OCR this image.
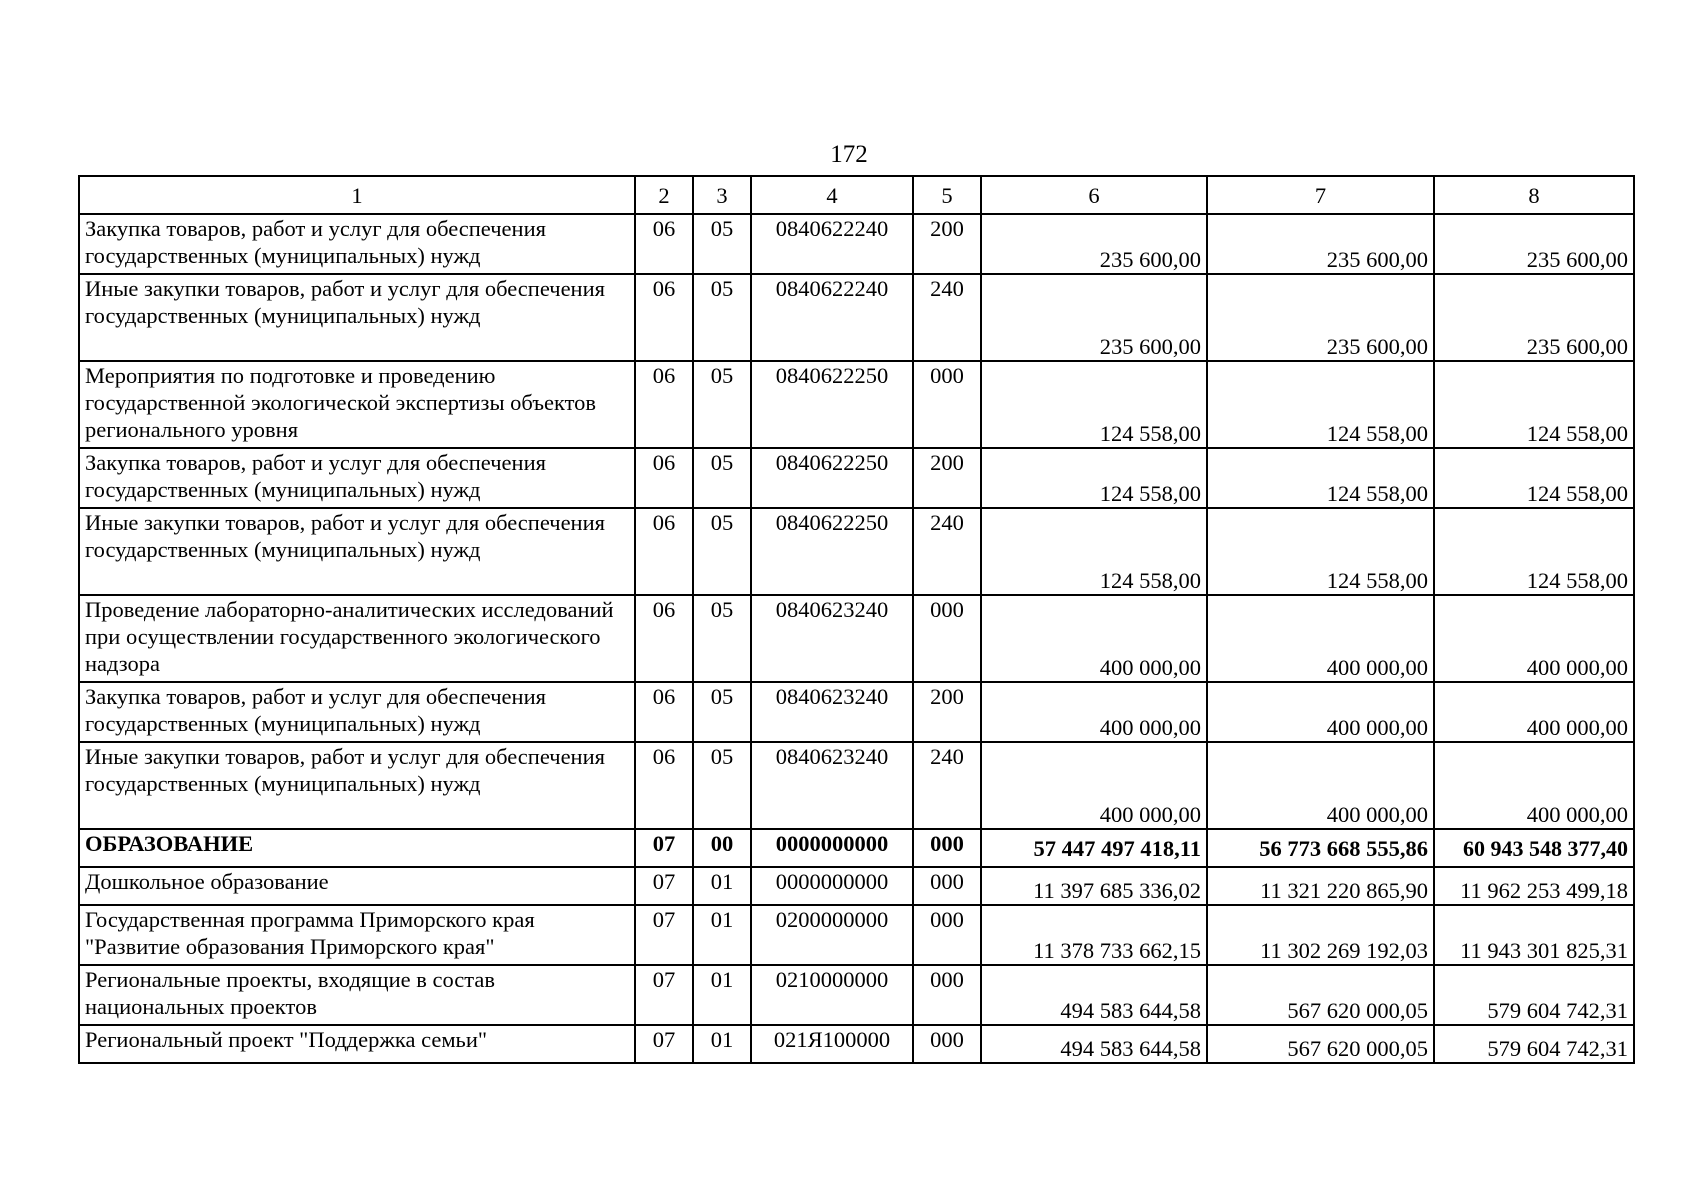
172
1	2	3	4	5	6	7	8
Закупка товаров, работ и услуг для обеспечения государственных (муниципальных) нужд	06	05	0840622240	200	235 600,00	235 600,00	235 600,00
Иные закупки товаров, работ и услуг для обеспечения государственных (муниципальных) нужд	06	05	0840622240	240	235 600,00	235 600,00	235 600,00
Мероприятия по подготовке и проведению государственной экологической экспертизы объектов регионального уровня	06	05	0840622250	000	124 558,00	124 558,00	124 558,00
Закупка товаров, работ и услуг для обеспечения государственных (муниципальных) нужд	06	05	0840622250	200	124 558,00	124 558,00	124 558,00
Иные закупки товаров, работ и услуг для обеспечения государственных (муниципальных) нужд	06	05	0840622250	240	124 558,00	124 558,00	124 558,00
Проведение лабораторно-аналитических исследований при осуществлении государственного экологического надзора	06	05	0840623240	000	400 000,00	400 000,00	400 000,00
Закупка товаров, работ и услуг для обеспечения государственных (муниципальных) нужд	06	05	0840623240	200	400 000,00	400 000,00	400 000,00
Иные закупки товаров, работ и услуг для обеспечения государственных (муниципальных) нужд	06	05	0840623240	240	400 000,00	400 000,00	400 000,00
ОБРАЗОВАНИЕ	07	00	0000000000	000	57 447 497 418,11	56 773 668 555,86	60 943 548 377,40
Дошкольное образование	07	01	0000000000	000	11 397 685 336,02	11 321 220 865,90	11 962 253 499,18
Государственная программа Приморского края "Развитие образования Приморского края"	07	01	0200000000	000	11 378 733 662,15	11 302 269 192,03	11 943 301 825,31
Региональные проекты, входящие в состав национальных проектов	07	01	0210000000	000	494 583 644,58	567 620 000,05	579 604 742,31
Региональный проект "Поддержка семьи"	07	01	021Я100000	000	494 583 644,58	567 620 000,05	579 604 742,31
